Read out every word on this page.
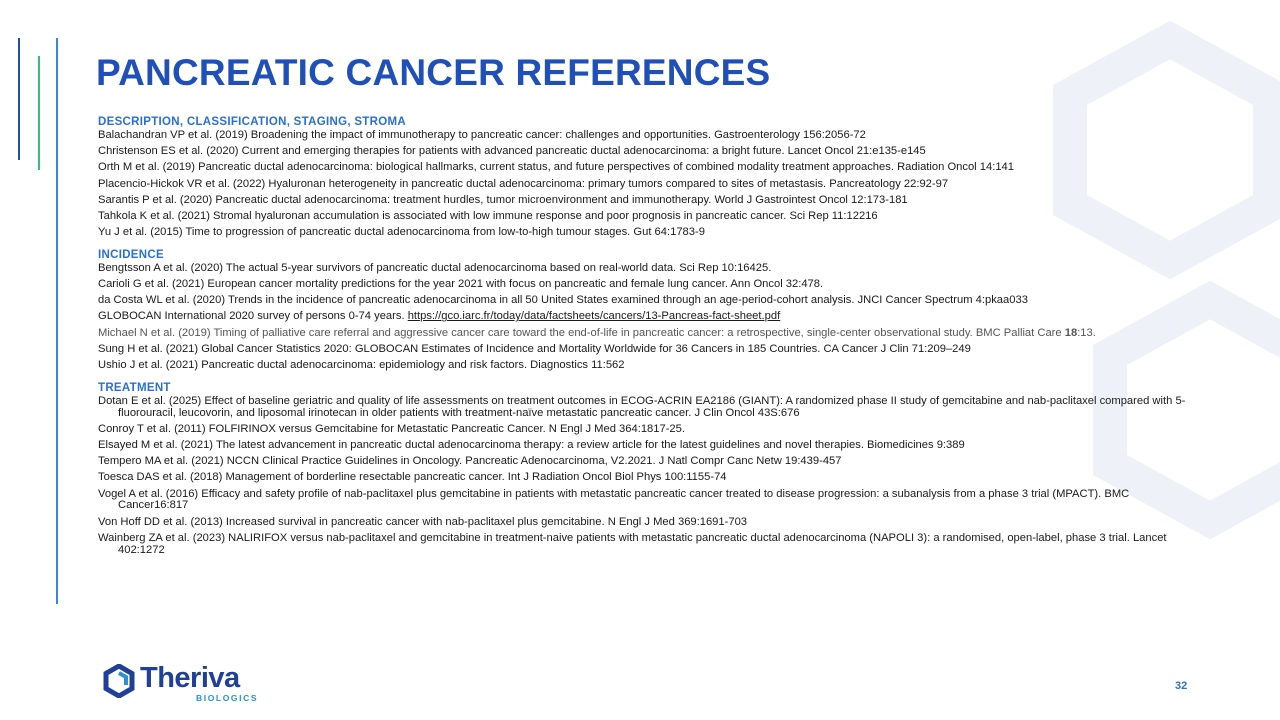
PANCREATIC CANCER REFERENCES
DESCRIPTION, CLASSIFICATION, STAGING, STROMA

Balachandran VP et al. (2019) Broadening the impact of immunotherapy to pancreatic cancer: challenges and opportunities. Gastroenterology 156:2056-72

Christenson ES et al. (2020) Current and emerging therapies for patients with advanced pancreatic ductal adenocarcinoma: a bright future. Lancet Oncol 21:e135-e145

Orth M et al. (2019) Pancreatic ductal adenocarcinoma: biological hallmarks, current status, and future perspectives of combined modality treatment approaches. Radiation Oncol 14:141

Placencio-Hickok VR et al. (2022) Hyaluronan heterogeneity in pancreatic ductal adenocarcinoma: primary tumors compared to sites of metastasis. Pancreatology 22:92-97

Sarantis P et al. (2020) Pancreatic ductal adenocarcinoma: treatment hurdles, tumor microenvironment and immunotherapy. World J Gastrointest Oncol 12:173-181

Tahkola K et al. (2021) Stromal hyaluronan accumulation is associated with low immune response and poor prognosis in pancreatic cancer. Sci Rep 11:12216

Yu J et al. (2015) Time to progression of pancreatic ductal adenocarcinoma from low-to-high tumour stages. Gut 64:1783-9

INCIDENCE

Bengtsson A et al. (2020) The actual 5-year survivors of pancreatic ductal adenocarcinoma based on real-world data. Sci Rep 10:16425.

Carioli G et al. (2021) European cancer mortality predictions for the year 2021 with focus on pancreatic and female lung cancer. Ann Oncol 32:478.

da Costa WL et al. (2020) Trends in the incidence of pancreatic adenocarcinoma in all 50 United States examined through an age-period-cohort analysis. JNCI Cancer Spectrum 4:pkaa033

GLOBOCAN International 2020 survey of persons 0-74 years. https://gco.iarc.fr/today/data/factsheets/cancers/13-Pancreas-fact-sheet.pdf

Michael N et al. (2019) Timing of palliative care referral and aggressive cancer care toward the end-of-life in pancreatic cancer: a retrospective, single-center observational study. BMC Palliat Care 18:13.

Sung H et al. (2021) Global Cancer Statistics 2020: GLOBOCAN Estimates of Incidence and Mortality Worldwide for 36 Cancers in 185 Countries. CA Cancer J Clin 71:209–249

Ushio J et al. (2021) Pancreatic ductal adenocarcinoma: epidemiology and risk factors. Diagnostics 11:562

TREATMENT

Dotan E et al. (2025) Effect of baseline geriatric and quality of life assessments on treatment outcomes in ECOG-ACRIN EA2186 (GIANT): A randomized phase II study of gemcitabine and nab-paclitaxel compared with 5-fluorouracil, leucovorin, and liposomal irinotecan in older patients with treatment-naïve metastatic pancreatic cancer. J Clin Oncol 43S:676

Conroy T et al. (2011) FOLFIRINOX versus Gemcitabine for Metastatic Pancreatic Cancer. N Engl J Med 364:1817-25.

Elsayed M et al. (2021) The latest advancement in pancreatic ductal adenocarcinoma therapy: a review article for the latest guidelines and novel therapies. Biomedicines 9:389

Tempero MA et al. (2021) NCCN Clinical Practice Guidelines in Oncology. Pancreatic Adenocarcinoma, V2.2021. J Natl Compr Canc Netw 19:439-457

Toesca DAS et al. (2018) Management of borderline resectable pancreatic cancer. Int J Radiation Oncol Biol Phys 100:1155-74

Vogel A et al. (2016) Efficacy and safety profile of nab-paclitaxel plus gemcitabine in patients with metastatic pancreatic cancer treated to disease progression: a subanalysis from a phase 3 trial (MPACT). BMC Cancer16:817

Von Hoff DD et al. (2013) Increased survival in pancreatic cancer with nab-paclitaxel plus gemcitabine. N Engl J Med 369:1691-703

Wainberg ZA et al. (2023) NALIRIFOX versus nab-paclitaxel and gemcitabine in treatment-naive patients with metastatic pancreatic ductal adenocarcinoma (NAPOLI 3): a randomised, open-label, phase 3 trial. Lancet 402:1272

Theriva
BIOLOGICS
32
